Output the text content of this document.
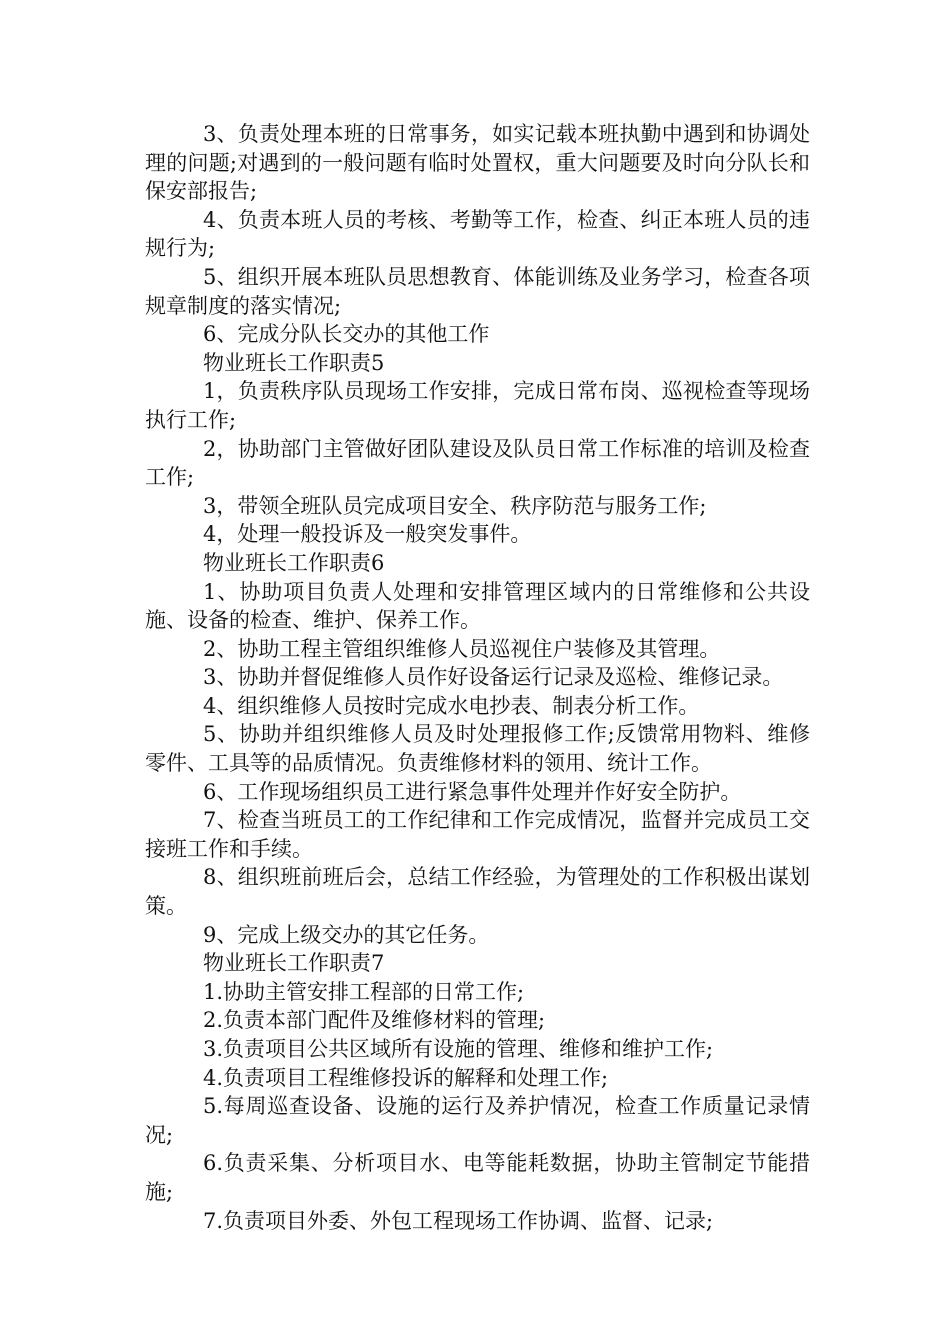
3、负责处理本班的日常事务，如实记载本班执勤中遇到和协调处理的问题;对遇到的一般问题有临时处置权，重大问题要及时向分队长和保安部报告;

4、负责本班人员的考核、考勤等工作，检查、纠正本班人员的违规行为;

5、组织开展本班队员思想教育、体能训练及业务学习，检查各项规章制度的落实情况;

6、完成分队长交办的其他工作

物业班长工作职责5

1，负责秩序队员现场工作安排，完成日常布岗、巡视检查等现场执行工作;

2，协助部门主管做好团队建设及队员日常工作标准的培训及检查工作;

3，带领全班队员完成项目安全、秩序防范与服务工作;

4，处理一般投诉及一般突发事件。

物业班长工作职责6

1、协助项目负责人处理和安排管理区域内的日常维修和公共设施、设备的检查、维护、保养工作。

2、协助工程主管组织维修人员巡视住户装修及其管理。

3、协助并督促维修人员作好设备运行记录及巡检、维修记录。

4、组织维修人员按时完成水电抄表、制表分析工作。

5、协助并组织维修人员及时处理报修工作;反馈常用物料、维修零件、工具等的品质情况。负责维修材料的领用、统计工作。

6、工作现场组织员工进行紧急事件处理并作好安全防护。

7、检查当班员工的工作纪律和工作完成情况，监督并完成员工交接班工作和手续。

8、组织班前班后会，总结工作经验，为管理处的工作积极出谋划策。

9、完成上级交办的其它任务。

物业班长工作职责7

1.协助主管安排工程部的日常工作;

2.负责本部门配件及维修材料的管理;

3.负责项目公共区域所有设施的管理、维修和维护工作;

4.负责项目工程维修投诉的解释和处理工作;

5.每周巡查设备、设施的运行及养护情况，检查工作质量记录情况;

6.负责采集、分析项目水、电等能耗数据，协助主管制定节能措施;

7.负责项目外委、外包工程现场工作协调、监督、记录;
